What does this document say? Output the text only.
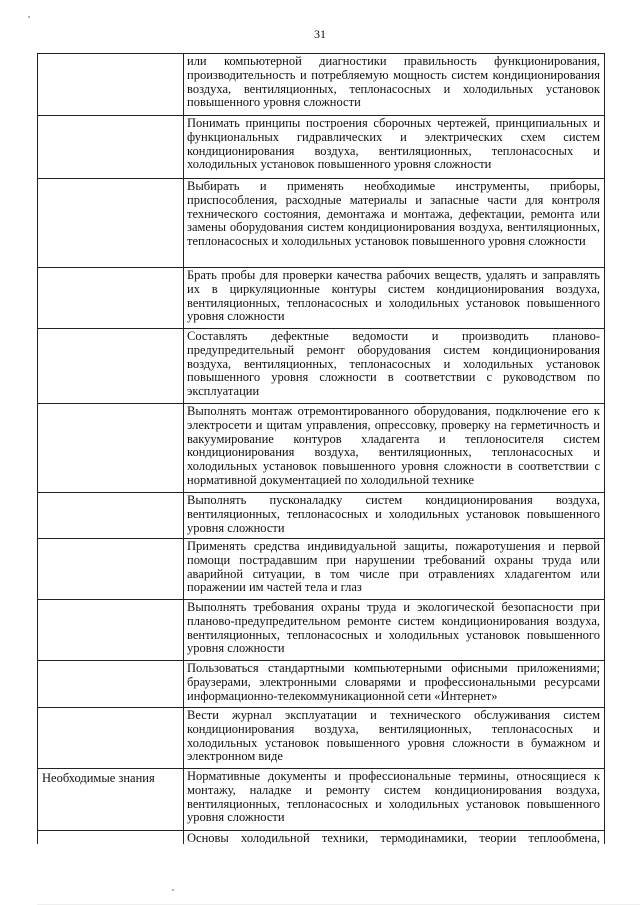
31
или компьютерной диагностики правильность функционирования, производительность и потребляемую мощность систем кондиционирования воздуха, вентиляционных, теплонасосных и холодильных установок повышенного уровня сложности
Понимать принципы построения сборочных чертежей, принципиальных и функциональных гидравлических и электрических схем систем кондиционирования воздуха, вентиляционных, теплонасосных и холодильных установок повышенного уровня сложности
Выбирать и применять необходимые инструменты, приборы, приспособления, расходные материалы и запасные части для контроля технического состояния, демонтажа и монтажа, дефектации, ремонта или замены оборудования систем кондиционирования воздуха, вентиляционных, теплонасосных и холодильных установок повышенного уровня сложности
Брать пробы для проверки качества рабочих веществ, удалять и заправлять их в циркуляционные контуры систем кондиционирования воздуха, вентиляционных, теплонасосных и холодильных установок повышенного уровня сложности
Составлять дефектные ведомости и производить планово-предупредительный ремонт оборудования систем кондиционирования воздуха, вентиляционных, теплонасосных и холодильных установок повышенного уровня сложности в соответствии с руководством по эксплуатации
Выполнять монтаж отремонтированного оборудования, подключение его к электросети и щитам управления, опрессовку, проверку на герметичность и вакуумирование контуров хладагента и теплоносителя систем кондиционирования воздуха, вентиляционных, теплонасосных и холодильных установок повышенного уровня сложности в соответствии с нормативной документацией по холодильной технике
Выполнять пусконаладку систем кондиционирования воздуха, вентиляционных, теплонасосных и холодильных установок повышенного уровня сложности
Применять средства индивидуальной защиты, пожаротушения и первой помощи пострадавшим при нарушении требований охраны труда или аварийной ситуации, в том числе при отравлениях хладагентом или поражении им частей тела и глаз
Выполнять требования охраны труда и экологической безопасности при планово-предупредительном ремонте систем кондиционирования воздуха, вентиляционных, теплонасосных и холодильных установок повышенного уровня сложности
Пользоваться стандартными компьютерными офисными приложениями; браузерами, электронными словарями и профессиональными ресурсами информационно-телекоммуникационной сети «Интернет»
Вести журнал эксплуатации и технического обслуживания систем кондиционирования воздуха, вентиляционных, теплонасосных и холодильных установок повышенного уровня сложности в бумажном и электронном виде
Необходимые знания	Нормативные документы и профессиональные термины, относящиеся к монтажу, наладке и ремонту систем кондиционирования воздуха, вентиляционных, теплонасосных и холодильных установок повышенного уровня сложности
Основы холодильной техники, термодинамики, теории теплообмена,
